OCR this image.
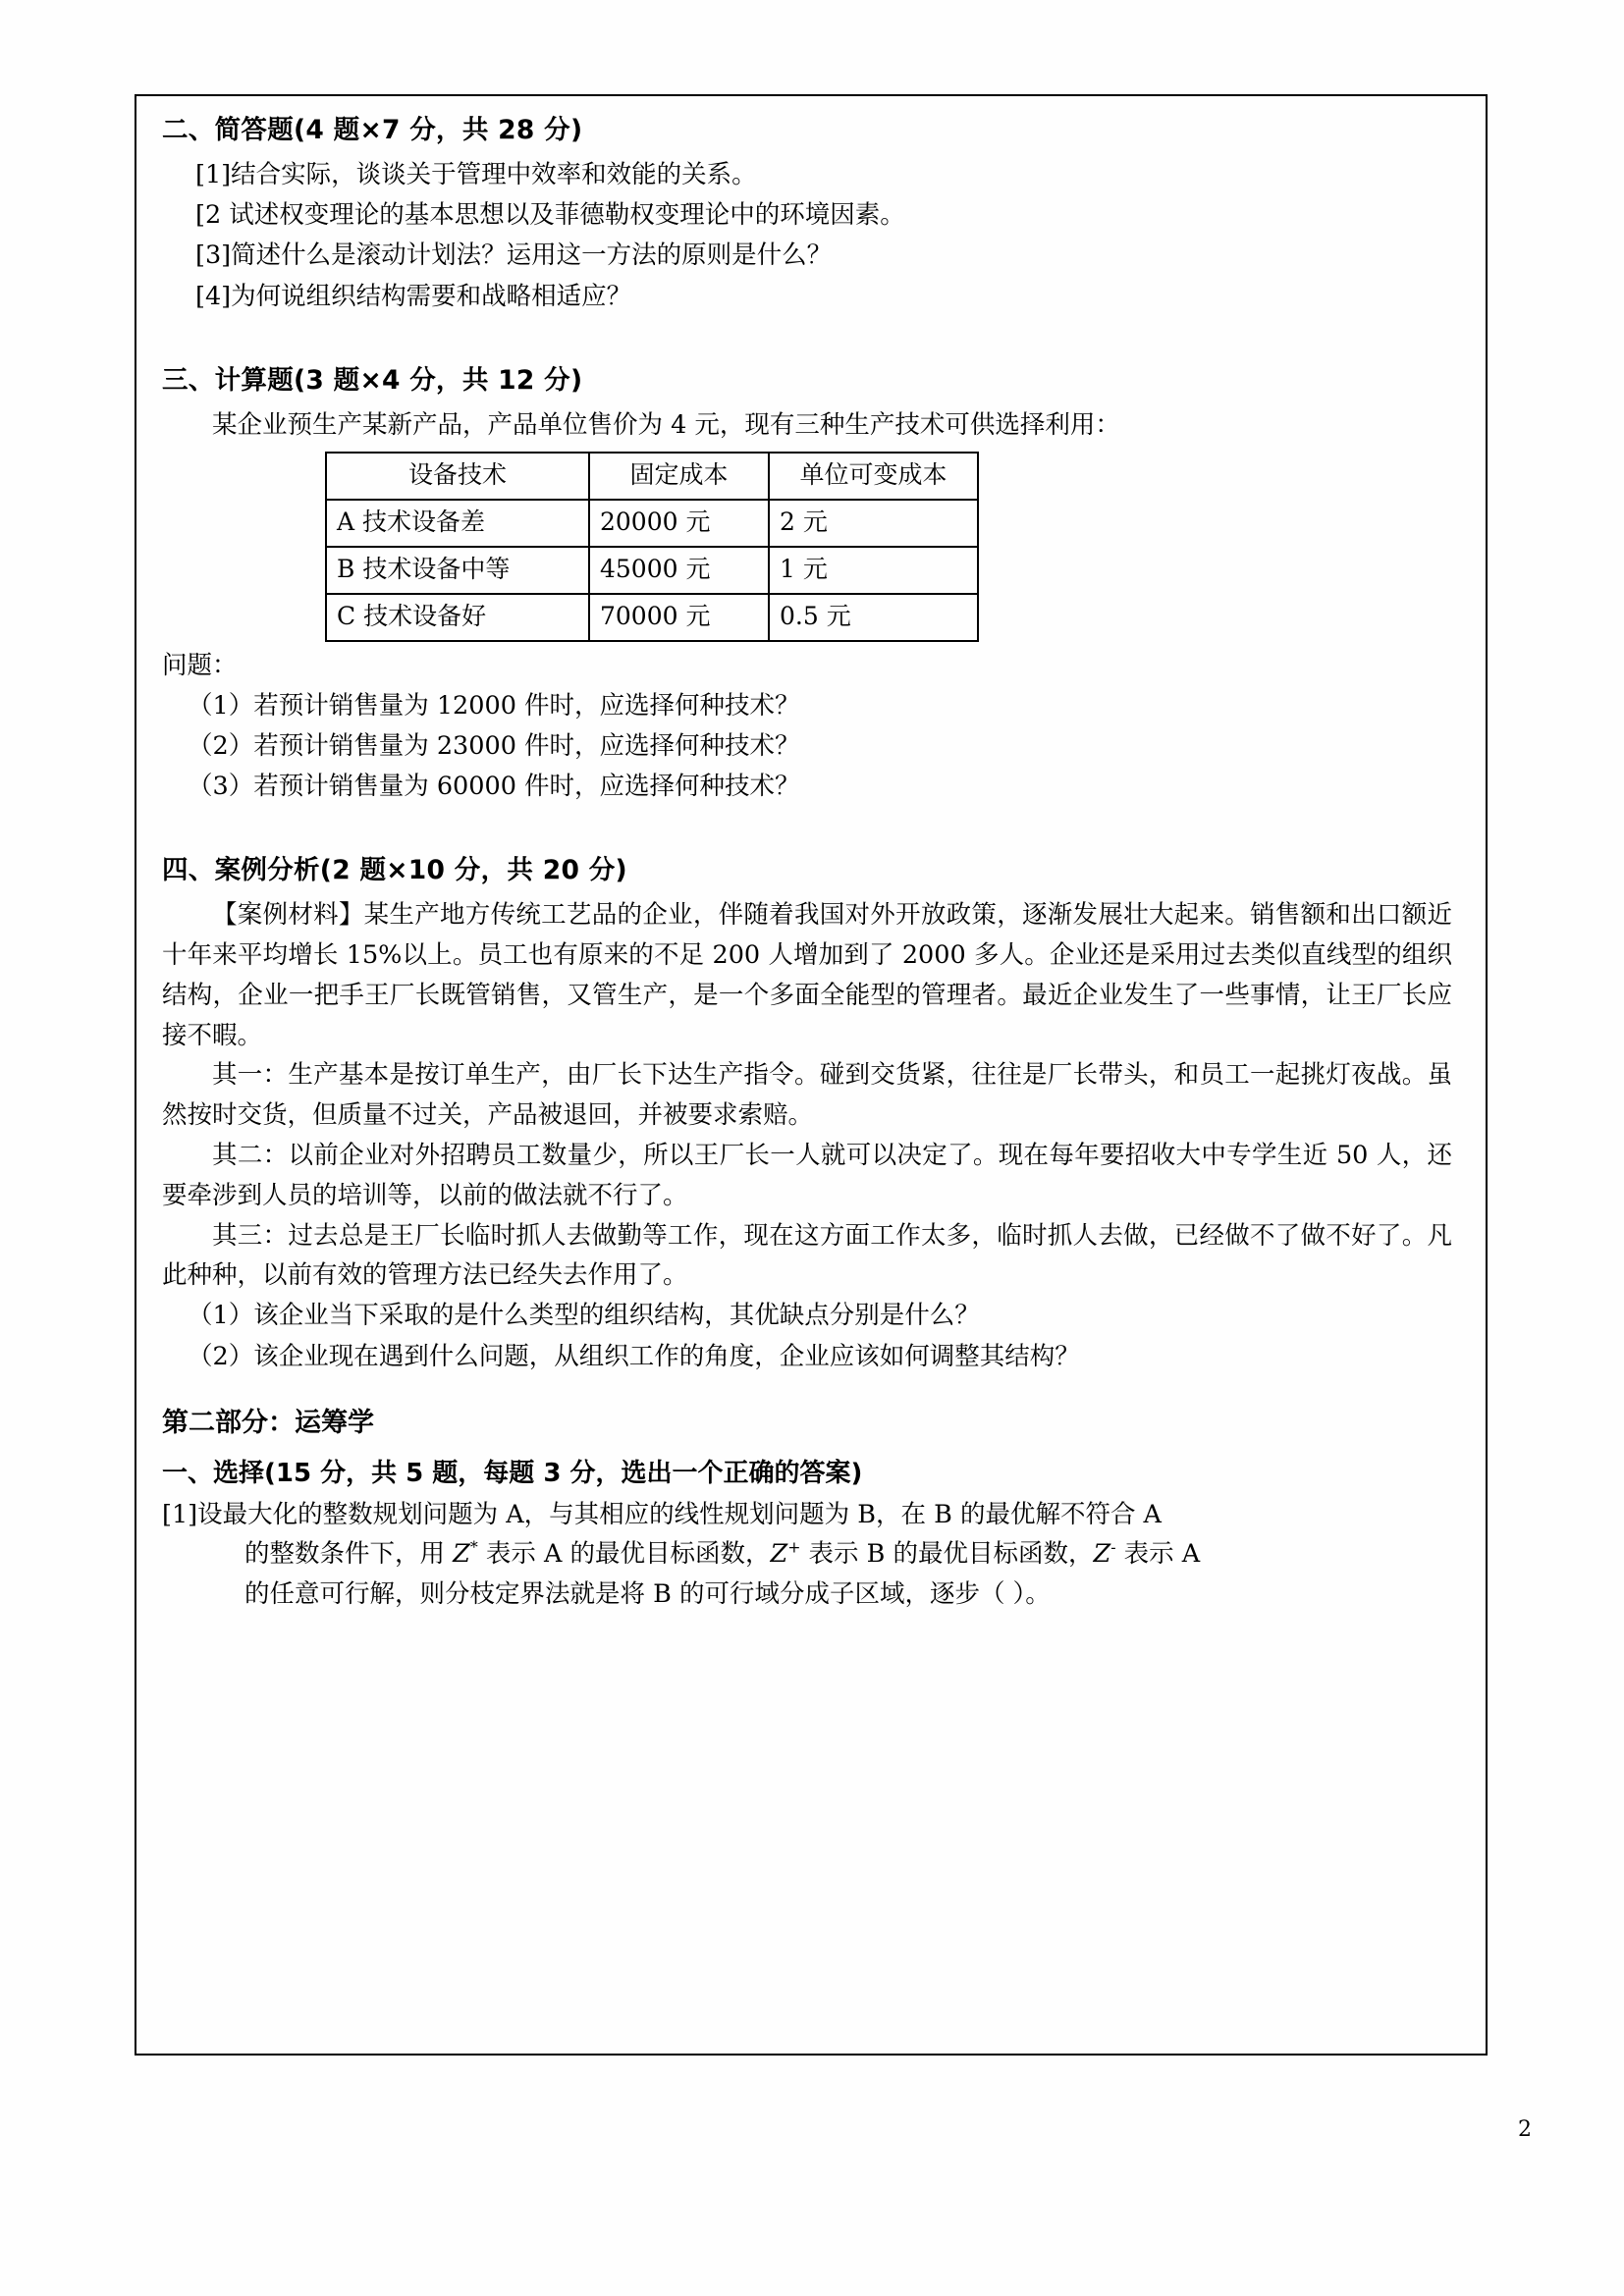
二、简答题(4 题×7 分，共 28 分)

[1]结合实际，谈谈关于管理中效率和效能的关系。

[2 试述权变理论的基本思想以及菲德勒权变理论中的环境因素。

[3]简述什么是滚动计划法？运用这一方法的原则是什么？

[4]为何说组织结构需要和战略相适应？

三、计算题(3 题×4 分，共 12 分)

某企业预生产某新产品，产品单位售价为 4 元，现有三种生产技术可供选择利用：

设备技术	固定成本	单位可变成本
A 技术设备差	20000 元	2 元
B 技术设备中等	45000 元	1 元
C 技术设备好	70000 元	0.5 元

问题：

（1）若预计销售量为 12000 件时，应选择何种技术？

（2）若预计销售量为 23000 件时，应选择何种技术？

（3）若预计销售量为 60000 件时，应选择何种技术？

四、案例分析(2 题×10 分，共 20 分)

【案例材料】某生产地方传统工艺品的企业，伴随着我国对外开放政策，逐渐发展壮大起来。销售额和出口额近十年来平均增长 15%以上。员工也有原来的不足 200 人增加到了 2000 多人。企业还是采用过去类似直线型的组织结构，企业一把手王厂长既管销售，又管生产，是一个多面全能型的管理者。最近企业发生了一些事情，让王厂长应接不暇。

其一：生产基本是按订单生产，由厂长下达生产指令。碰到交货紧，往往是厂长带头，和员工一起挑灯夜战。虽然按时交货，但质量不过关，产品被退回，并被要求索赔。

其二：以前企业对外招聘员工数量少，所以王厂长一人就可以决定了。现在每年要招收大中专学生近 50 人，还要牵涉到人员的培训等，以前的做法就不行了。

其三：过去总是王厂长临时抓人去做勤等工作，现在这方面工作太多，临时抓人去做，已经做不了做不好了。凡此种种，以前有效的管理方法已经失去作用了。

（1）该企业当下采取的是什么类型的组织结构，其优缺点分别是什么？

（2）该企业现在遇到什么问题，从组织工作的角度，企业应该如何调整其结构？

第二部分：运筹学
一、选择(15 分，共 5 题，每题 3 分，选出一个正确的答案)

[1]设最大化的整数规划问题为 A，与其相应的线性规划问题为 B，在 B 的最优解不符合 A

的整数条件下，用 Z* 表示 A 的最优目标函数，Z+ 表示 B 的最优目标函数，Z- 表示 A

的任意可行解，则分枝定界法就是将 B 的可行域分成子区域，逐步（ ）。

2
